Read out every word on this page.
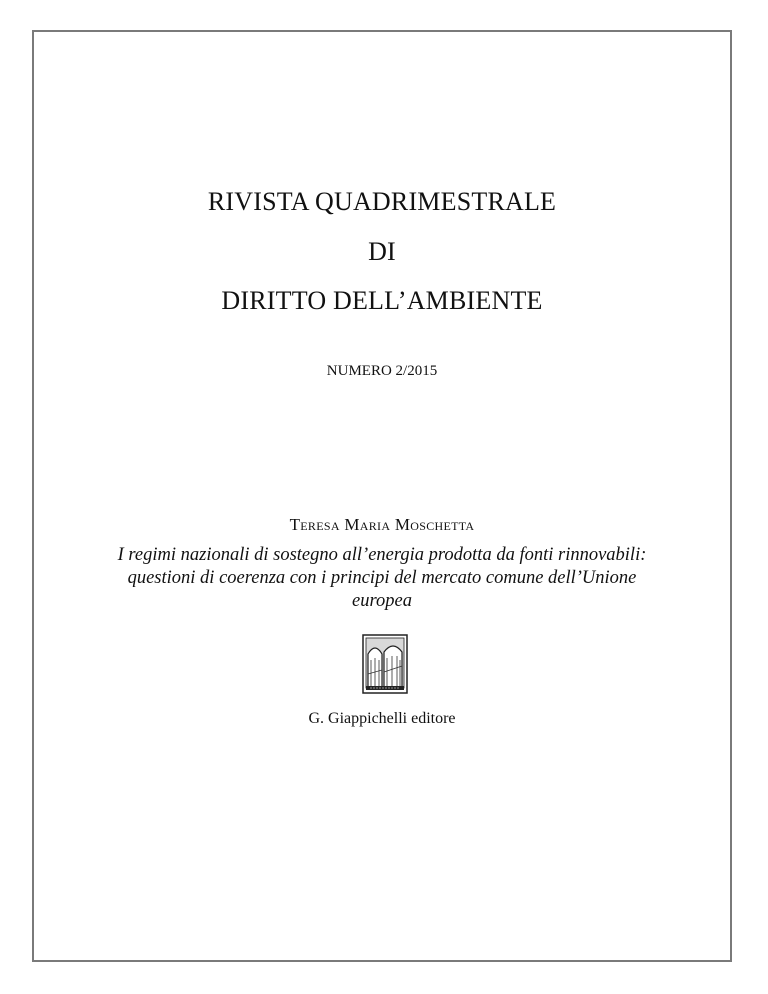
RIVISTA QUADRIMESTRALE
DI
DIRITTO DELL’AMBIENTE
NUMERO 2/2015
Teresa Maria Moschetta
I regimi nazionali di sostegno all’energia prodotta da fonti rinnovabili:
questioni di coerenza con i principi del mercato comune dell’Unione
europea
G. Giappichelli editore
